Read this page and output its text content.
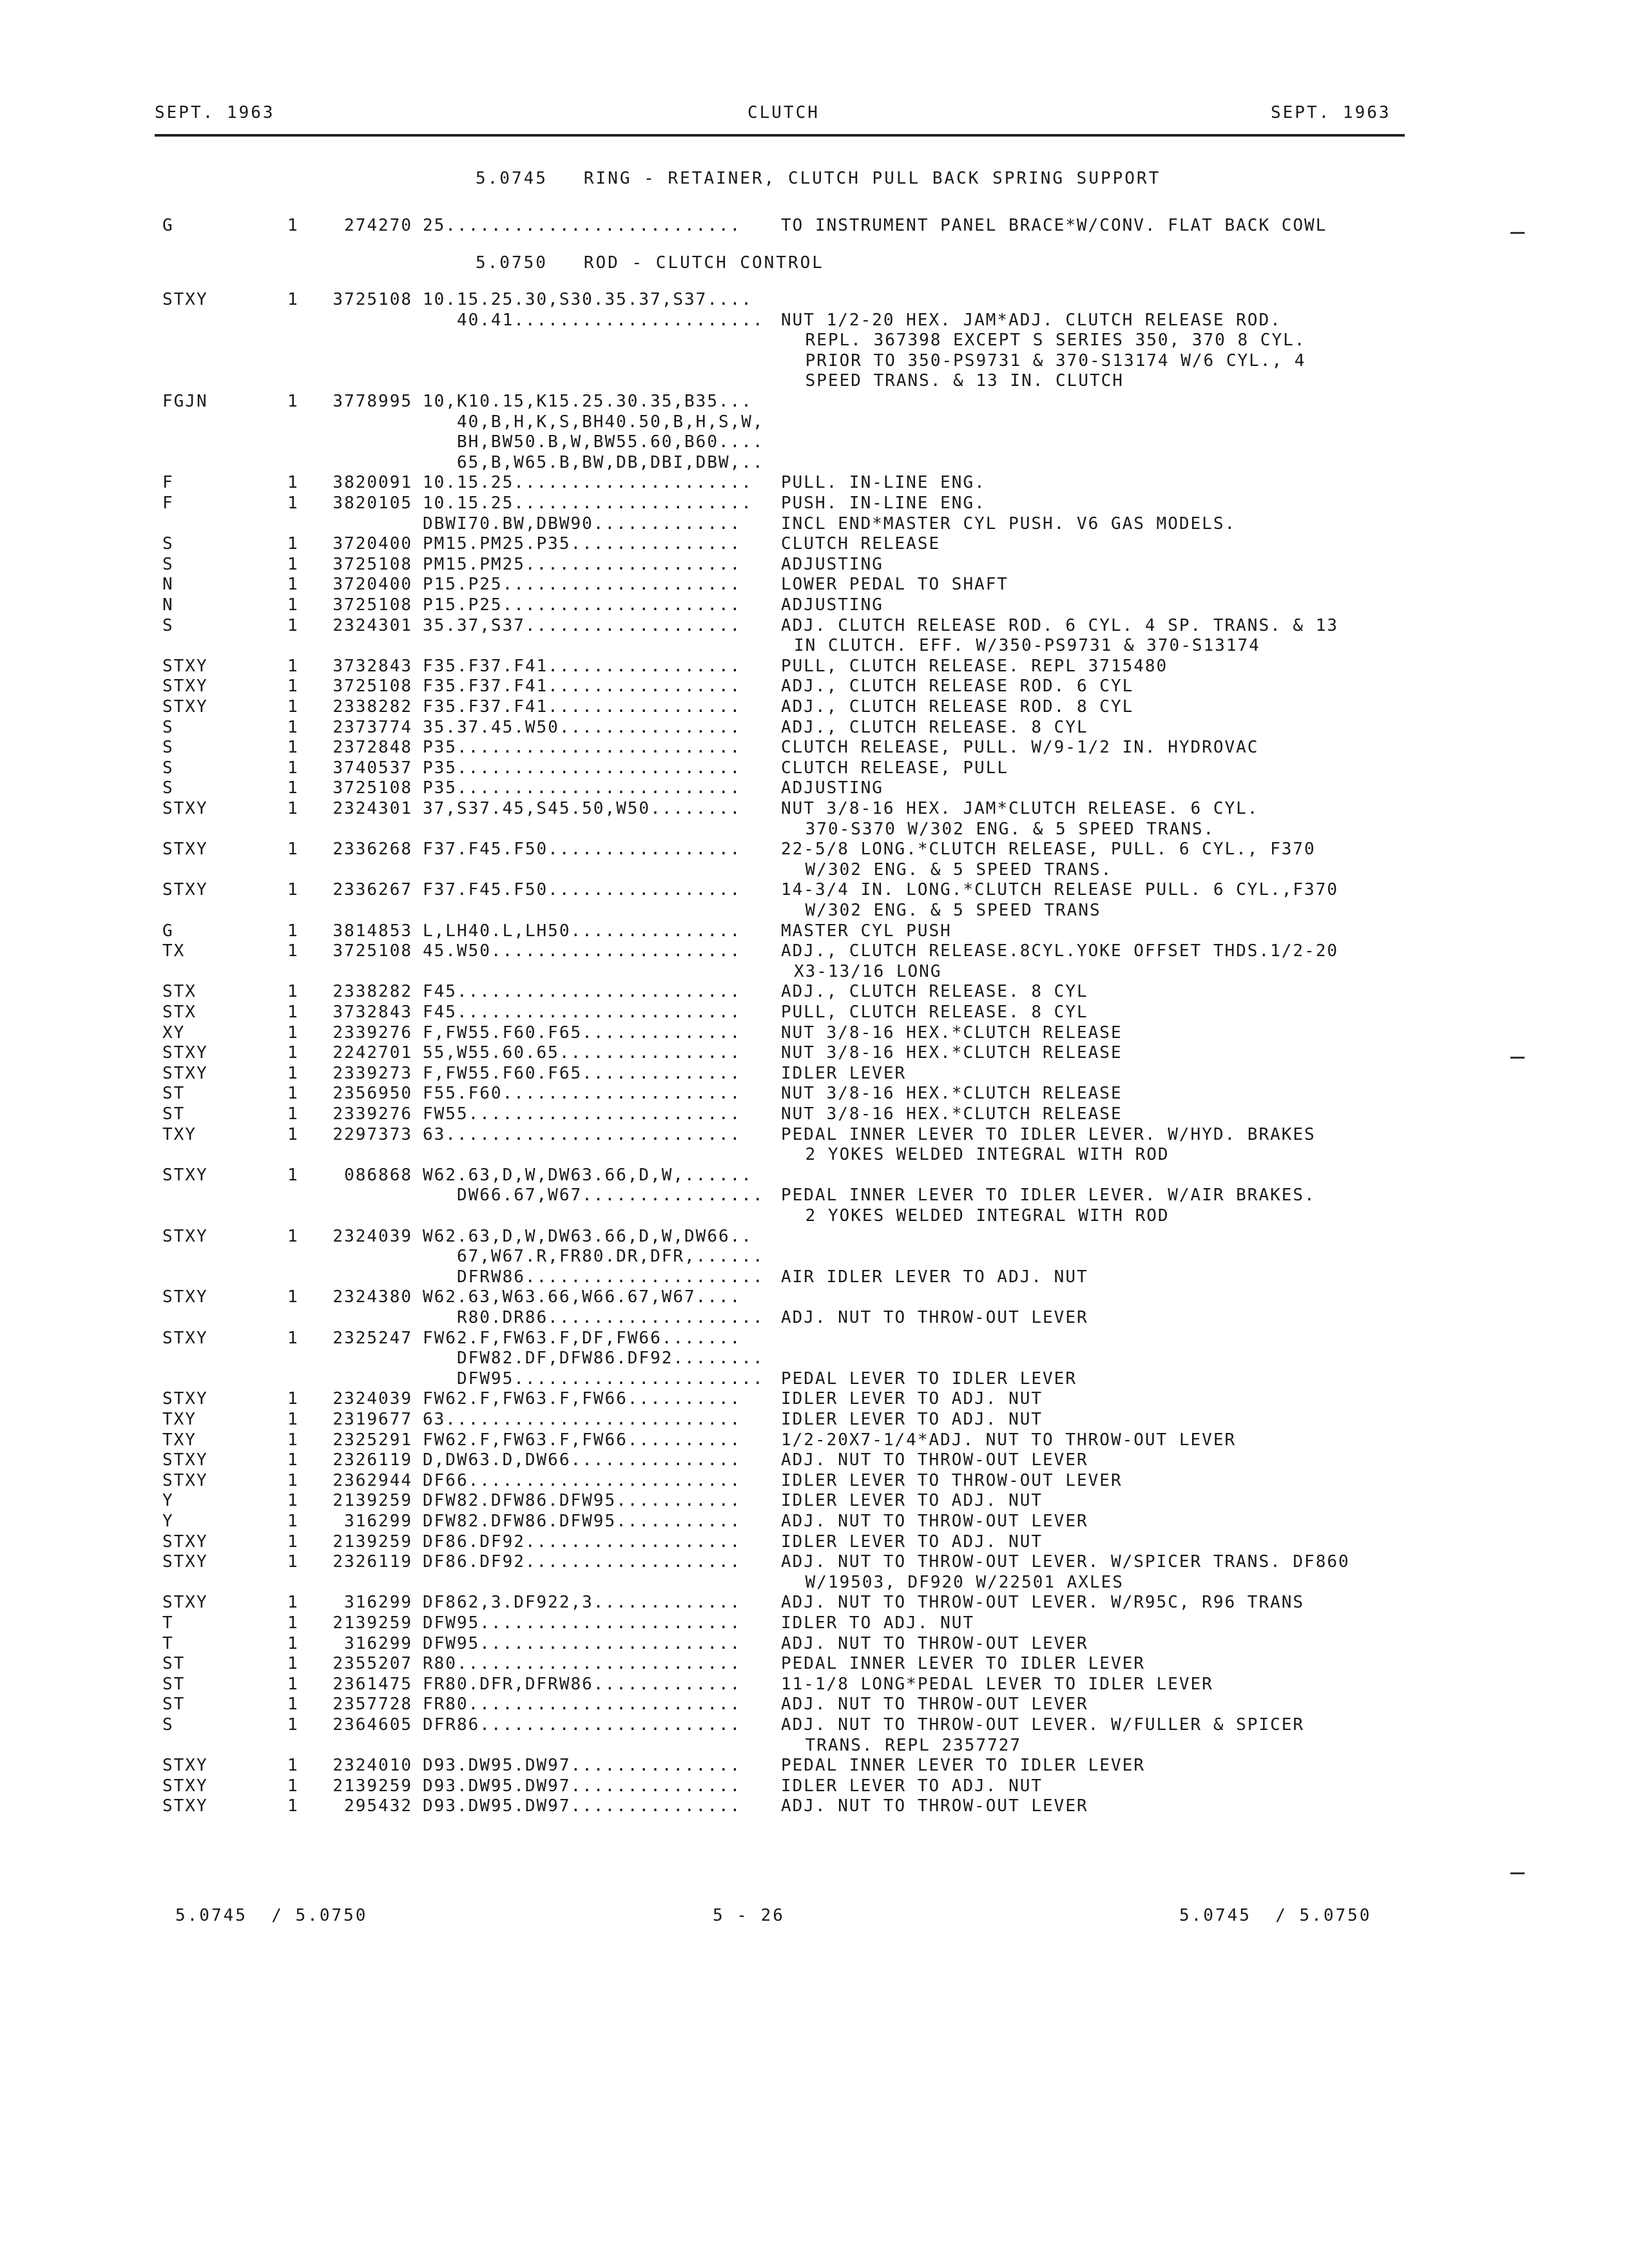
SEPT. 1963	CLUTCH	SEPT. 1963
5.0745   RING - RETAINER, CLUTCH PULL BACK SPRING SUPPORT
G	1	274270 25.......................... TO INSTRUMENT PANEL BRACE*W/CONV. FLAT BACK COWL
5.0750   ROD - CLUTCH CONTROL
STXY	1	3725108 10.15.25.30,S30.35.37,S37....
40.41...................... NUT 1/2-20 HEX. JAM*ADJ. CLUTCH RELEASE ROD.
REPL. 367398 EXCEPT S SERIES 350, 370 8 CYL.
PRIOR TO 350-PS9731 & 370-S13174 W/6 CYL., 4
SPEED TRANS. & 13 IN. CLUTCH
FGJN	1	3778995 10,K10.15,K15.25.30.35,B35...
40,B,H,K,S,BH40.50,B,H,S,W,
BH,BW50.B,W,BW55.60,B60....
65,B,W65.B,BW,DB,DBI,DBW,..
F	1	3820091 10.15.25..................... PULL. IN-LINE ENG.
F	1	3820105 10.15.25..................... PUSH. IN-LINE ENG.
DBWI70.BW,DBW90............. INCL END*MASTER CYL PUSH. V6 GAS MODELS.
S	1	3720400 PM15.PM25.P35............... CLUTCH RELEASE
S	1	3725108 PM15.PM25................... ADJUSTING
N	1	3720400 P15.P25..................... LOWER PEDAL TO SHAFT
N	1	3725108 P15.P25..................... ADJUSTING
S	1	2324301 35.37,S37................... ADJ. CLUTCH RELEASE ROD. 6 CYL. 4 SP. TRANS. & 13
IN CLUTCH. EFF. W/350-PS9731 & 370-S13174
STXY	1	3732843 F35.F37.F41................. PULL, CLUTCH RELEASE. REPL 3715480
STXY	1	3725108 F35.F37.F41................. ADJ., CLUTCH RELEASE ROD. 6 CYL
STXY	1	2338282 F35.F37.F41................. ADJ., CLUTCH RELEASE ROD. 8 CYL
S	1	2373774 35.37.45.W50................ ADJ., CLUTCH RELEASE. 8 CYL
S	1	2372848 P35......................... CLUTCH RELEASE, PULL. W/9-1/2 IN. HYDROVAC
S	1	3740537 P35......................... CLUTCH RELEASE, PULL
S	1	3725108 P35......................... ADJUSTING
STXY	1	2324301 37,S37.45,S45.50,W50........ NUT 3/8-16 HEX. JAM*CLUTCH RELEASE. 6 CYL.
370-S370 W/302 ENG. & 5 SPEED TRANS.
STXY	1	2336268 F37.F45.F50................. 22-5/8 LONG.*CLUTCH RELEASE, PULL. 6 CYL., F370
W/302 ENG. & 5 SPEED TRANS.
STXY	1	2336267 F37.F45.F50................. 14-3/4 IN. LONG.*CLUTCH RELEASE PULL. 6 CYL.,F370
W/302 ENG. & 5 SPEED TRANS
G	1	3814853 L,LH40.L,LH50............... MASTER CYL PUSH
TX	1	3725108 45.W50...................... ADJ., CLUTCH RELEASE.8CYL.YOKE OFFSET THDS.1/2-20
X3-13/16 LONG
STX	1	2338282 F45......................... ADJ., CLUTCH RELEASE. 8 CYL
STX	1	3732843 F45......................... PULL, CLUTCH RELEASE. 8 CYL
XY	1	2339276 F,FW55.F60.F65.............. NUT 3/8-16 HEX.*CLUTCH RELEASE
STXY	1	2242701 55,W55.60.65................ NUT 3/8-16 HEX.*CLUTCH RELEASE
STXY	1	2339273 F,FW55.F60.F65.............. IDLER LEVER
ST	1	2356950 F55.F60..................... NUT 3/8-16 HEX.*CLUTCH RELEASE
ST	1	2339276 FW55........................ NUT 3/8-16 HEX.*CLUTCH RELEASE
TXY	1	2297373 63.......................... PEDAL INNER LEVER TO IDLER LEVER. W/HYD. BRAKES
2 YOKES WELDED INTEGRAL WITH ROD
STXY	1	086868 W62.63,D,W,DW63.66,D,W,......
DW66.67,W67................ PEDAL INNER LEVER TO IDLER LEVER. W/AIR BRAKES.
2 YOKES WELDED INTEGRAL WITH ROD
STXY	1	2324039 W62.63,D,W,DW63.66,D,W,DW66..
67,W67.R,FR80.DR,DFR,......
DFRW86..................... AIR IDLER LEVER TO ADJ. NUT
STXY	1	2324380 W62.63,W63.66,W66.67,W67....
R80.DR86................... ADJ. NUT TO THROW-OUT LEVER
STXY	1	2325247 FW62.F,FW63.F,DF,FW66.......
DFW82.DF,DFW86.DF92........
DFW95...................... PEDAL LEVER TO IDLER LEVER
STXY	1	2324039 FW62.F,FW63.F,FW66.......... IDLER LEVER TO ADJ. NUT
TXY	1	2319677 63.......................... IDLER LEVER TO ADJ. NUT
TXY	1	2325291 FW62.F,FW63.F,FW66.......... 1/2-20X7-1/4*ADJ. NUT TO THROW-OUT LEVER
STXY	1	2326119 D,DW63.D,DW66............... ADJ. NUT TO THROW-OUT LEVER
STXY	1	2362944 DF66........................ IDLER LEVER TO THROW-OUT LEVER
Y	1	2139259 DFW82.DFW86.DFW95........... IDLER LEVER TO ADJ. NUT
Y	1	316299 DFW82.DFW86.DFW95........... ADJ. NUT TO THROW-OUT LEVER
STXY	1	2139259 DF86.DF92................... IDLER LEVER TO ADJ. NUT
STXY	1	2326119 DF86.DF92................... ADJ. NUT TO THROW-OUT LEVER. W/SPICER TRANS. DF860
W/19503, DF920 W/22501 AXLES
STXY	1	316299 DF862,3.DF922,3............. ADJ. NUT TO THROW-OUT LEVER. W/R95C, R96 TRANS
T	1	2139259 DFW95....................... IDLER TO ADJ. NUT
T	1	316299 DFW95....................... ADJ. NUT TO THROW-OUT LEVER
ST	1	2355207 R80......................... PEDAL INNER LEVER TO IDLER LEVER
ST	1	2361475 FR80.DFR,DFRW86............. 11-1/8 LONG*PEDAL LEVER TO IDLER LEVER
ST	1	2357728 FR80........................ ADJ. NUT TO THROW-OUT LEVER
S	1	2364605 DFR86....................... ADJ. NUT TO THROW-OUT LEVER. W/FULLER & SPICER
TRANS. REPL 2357727
STXY	1	2324010 D93.DW95.DW97............... PEDAL INNER LEVER TO IDLER LEVER
STXY	1	2139259 D93.DW95.DW97............... IDLER LEVER TO ADJ. NUT
STXY	1	295432 D93.DW95.DW97............... ADJ. NUT TO THROW-OUT LEVER
5.0745  / 5.0750	5 - 26	5.0745  / 5.0750
